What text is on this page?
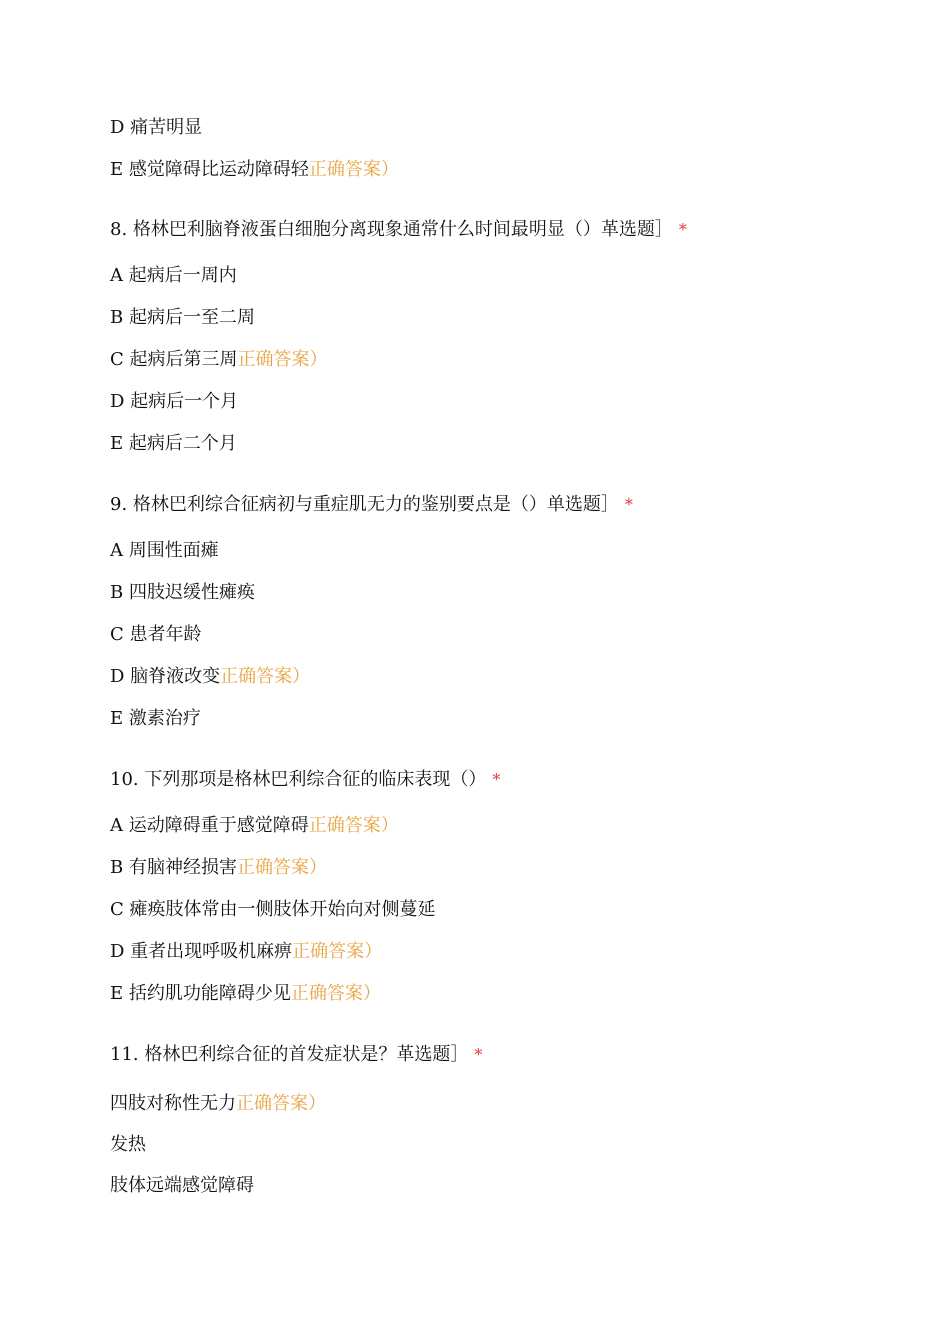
D 痛苦明显
E 感觉障碍比运动障碍轻正确答案）
8. 格林巴利脑脊液蛋白细胞分离现象通常什么时间最明显（）革选题］ *
A 起病后一周内
B 起病后一至二周
C 起病后第三周正确答案）
D 起病后一个月
E 起病后二个月
9. 格林巴利综合征病初与重症肌无力的鉴别要点是（）单选题］ *
A 周围性面瘫
B 四肢迟缓性瘫痪
C 患者年龄
D 脑脊液改变正确答案）
E 激素治疗
10. 下列那项是格林巴利综合征的临床表现（） *
A 运动障碍重于感觉障碍正确答案）
B 有脑神经损害正确答案）
C 瘫痪肢体常由一侧肢体开始向对侧蔓延
D 重者出现呼吸机麻痹正确答案）
E 括约肌功能障碍少见正确答案）
11. 格林巴利综合征的首发症状是？革选题］ *
四肢对称性无力正确答案）
发热
肢体远端感觉障碍
